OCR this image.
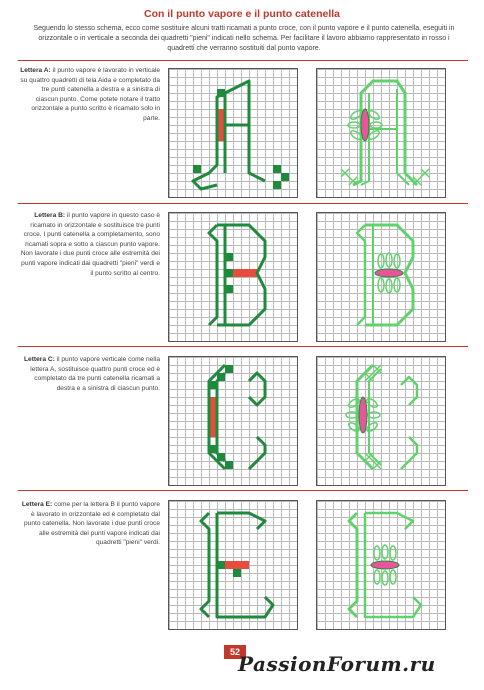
Con il punto vapore e il punto catenella
Seguendo lo stesso schema, ecco come sostituire alcuni tratti ricamati a punto croce, con il punto vapore e il punto catenella, eseguiti in orizzontale o in verticale a seconda dei quadretti "pieni" indicati nello schema. Per facilitare il lavoro abbiamo rappresentato in rosso i quadretti che verranno sostituiti dal punto vapore.
Lettera A: il punto vapore è lavorato in verticale su quattro quadretti di tela Aida e completato da tre punti catenella a destra e a sinistra di ciascun punto. Come potete notare il tratto orizzontale a punto scritto è ricamato solo in parte.
Lettera B: il punto vapore in questo caso è ricamato in orizzontale e sostituisce tre punti croce. I punti catenella a completamento, sono ricamati sopra e sotto a ciascun punto vapore. Non lavorate i due punti croce alle estremità dei punti vapore indicati dai quadretti "pieni" verdi e il punto scritto al centro.
Lettera C: il punto vapore verticale come nella lettera A, sostituisce quattro punti croce ed è completato da tre punti catenella ricamati a destra e a sinistra di ciascun punto.
Lettera E: come per la lettera B il punto vapore è lavorato in orizzontale ed è completato dal punto catenella. Non lavorate i due punti croce alle estremità dei punti vapore indicati dai quadretti "pieni" verdi.
52
PassionForum.ru
